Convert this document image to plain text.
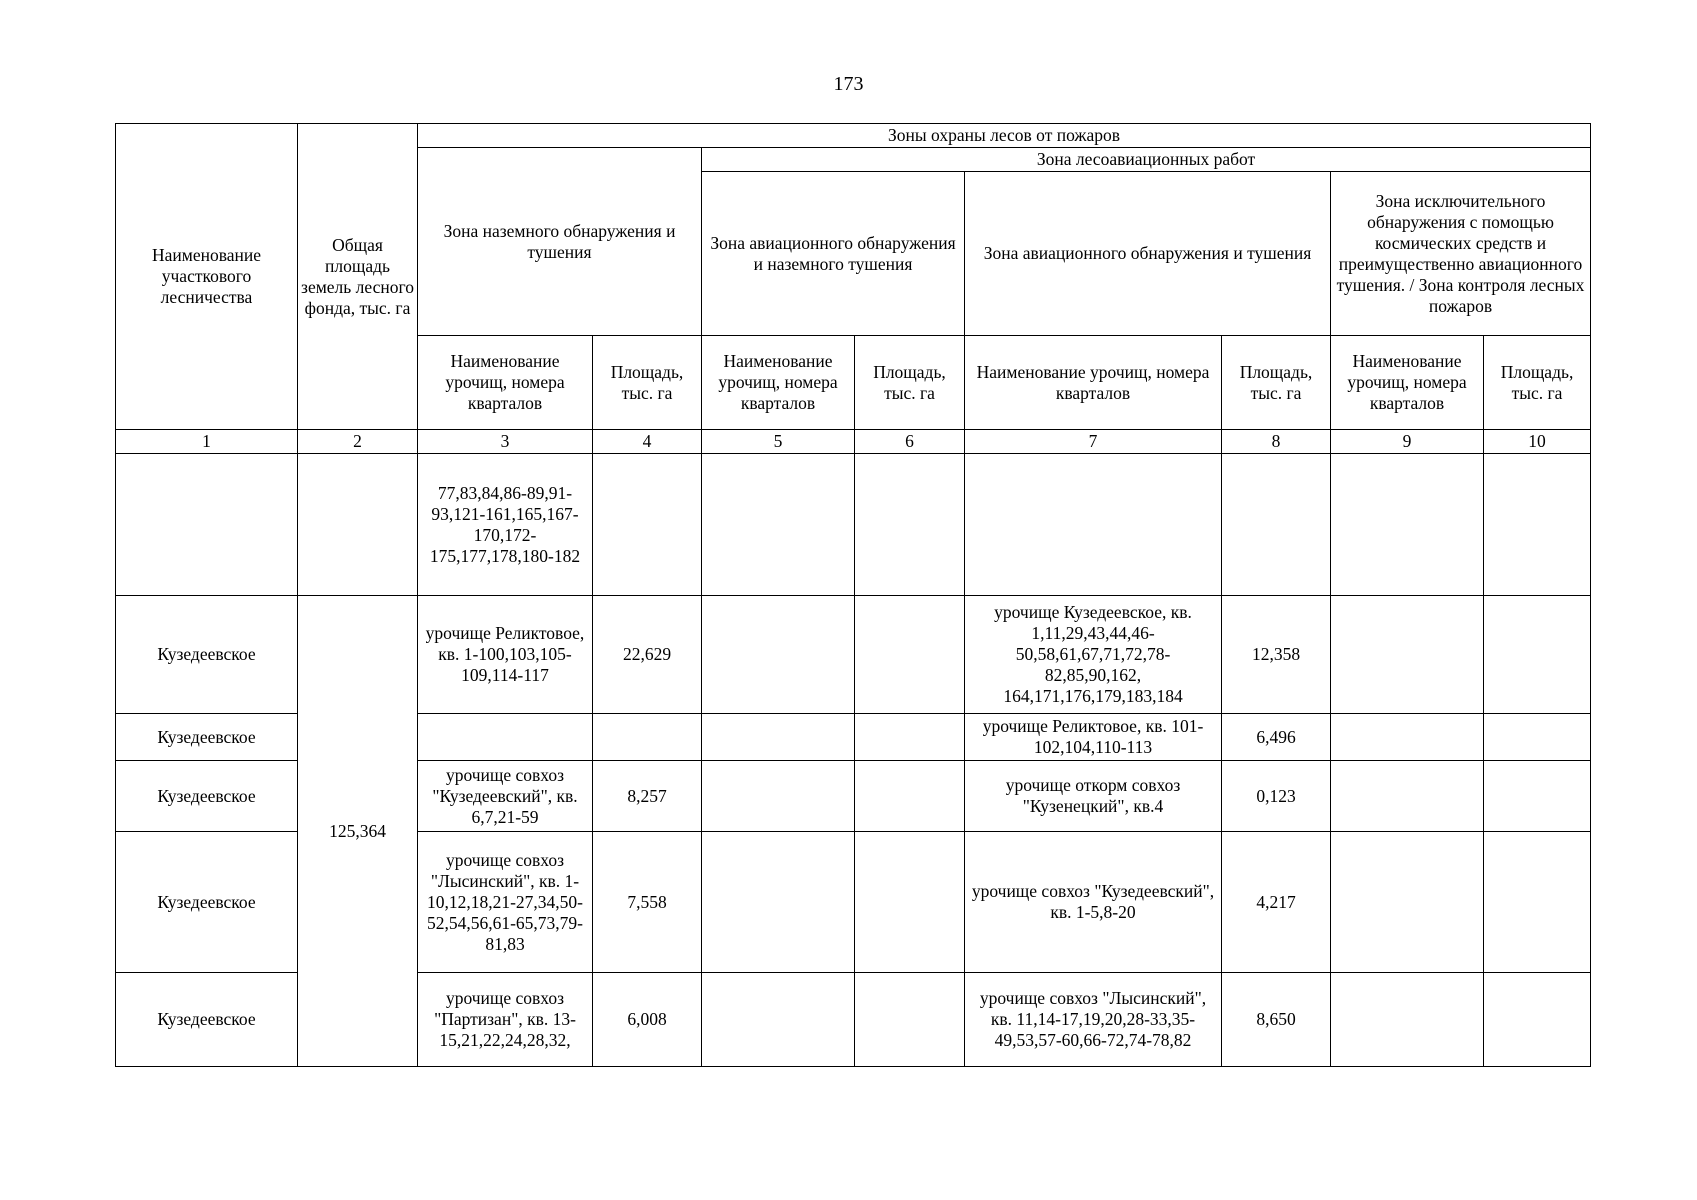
173
Наименование участкового лесничества	Общая площадь земель лесного фонда, тыс. га	Зоны охраны лесов от пожаров							
		Зона наземного обнаружения и тушения		Зона лесоавиационных работ					
				Зона авиационного обнаружения и наземного тушения		Зона авиационного обнаружения и тушения		Зона исключительного обнаружения с помощью космических средств и преимущественно авиационного тушения. / Зона контроля лесных пожаров	
		Наименование урочищ, номера кварталов	Площадь, тыс. га	Наименование урочищ, номера кварталов	Площадь, тыс. га	Наименование урочищ, номера кварталов	Площадь, тыс. га	Наименование урочищ, номера кварталов	Площадь, тыс. га
1	2	3	4	5	6	7	8	9	10
		77,83,84,86-89,91-93,121-161,165,167-170,172-175,177,178,180-182							
Кузедеевское	125,364	урочище Реликтовое, кв. 1-100,103,105-109,114-117	22,629			урочище Кузедеевское, кв. 1,11,29,43,44,46-50,58,61,67,71,72,78-82,85,90,162, 164,171,176,179,183,184	12,358		
Кузедеевское						урочище Реликтовое, кв. 101-102,104,110-113	6,496		
Кузедеевское		урочище совхоз "Кузедеевский", кв. 6,7,21-59	8,257			урочище откорм совхоз "Кузенецкий", кв.4	0,123		
Кузедеевское		урочище совхоз "Лысинский", кв. 1-10,12,18,21-27,34,50-52,54,56,61-65,73,79-81,83	7,558			урочище совхоз "Кузедеевский", кв. 1-5,8-20	4,217		
Кузедеевское		урочище совхоз "Партизан", кв. 13-15,21,22,24,28,32,	6,008			урочище совхоз "Лысинский", кв. 11,14-17,19,20,28-33,35-49,53,57-60,66-72,74-78,82	8,650		
